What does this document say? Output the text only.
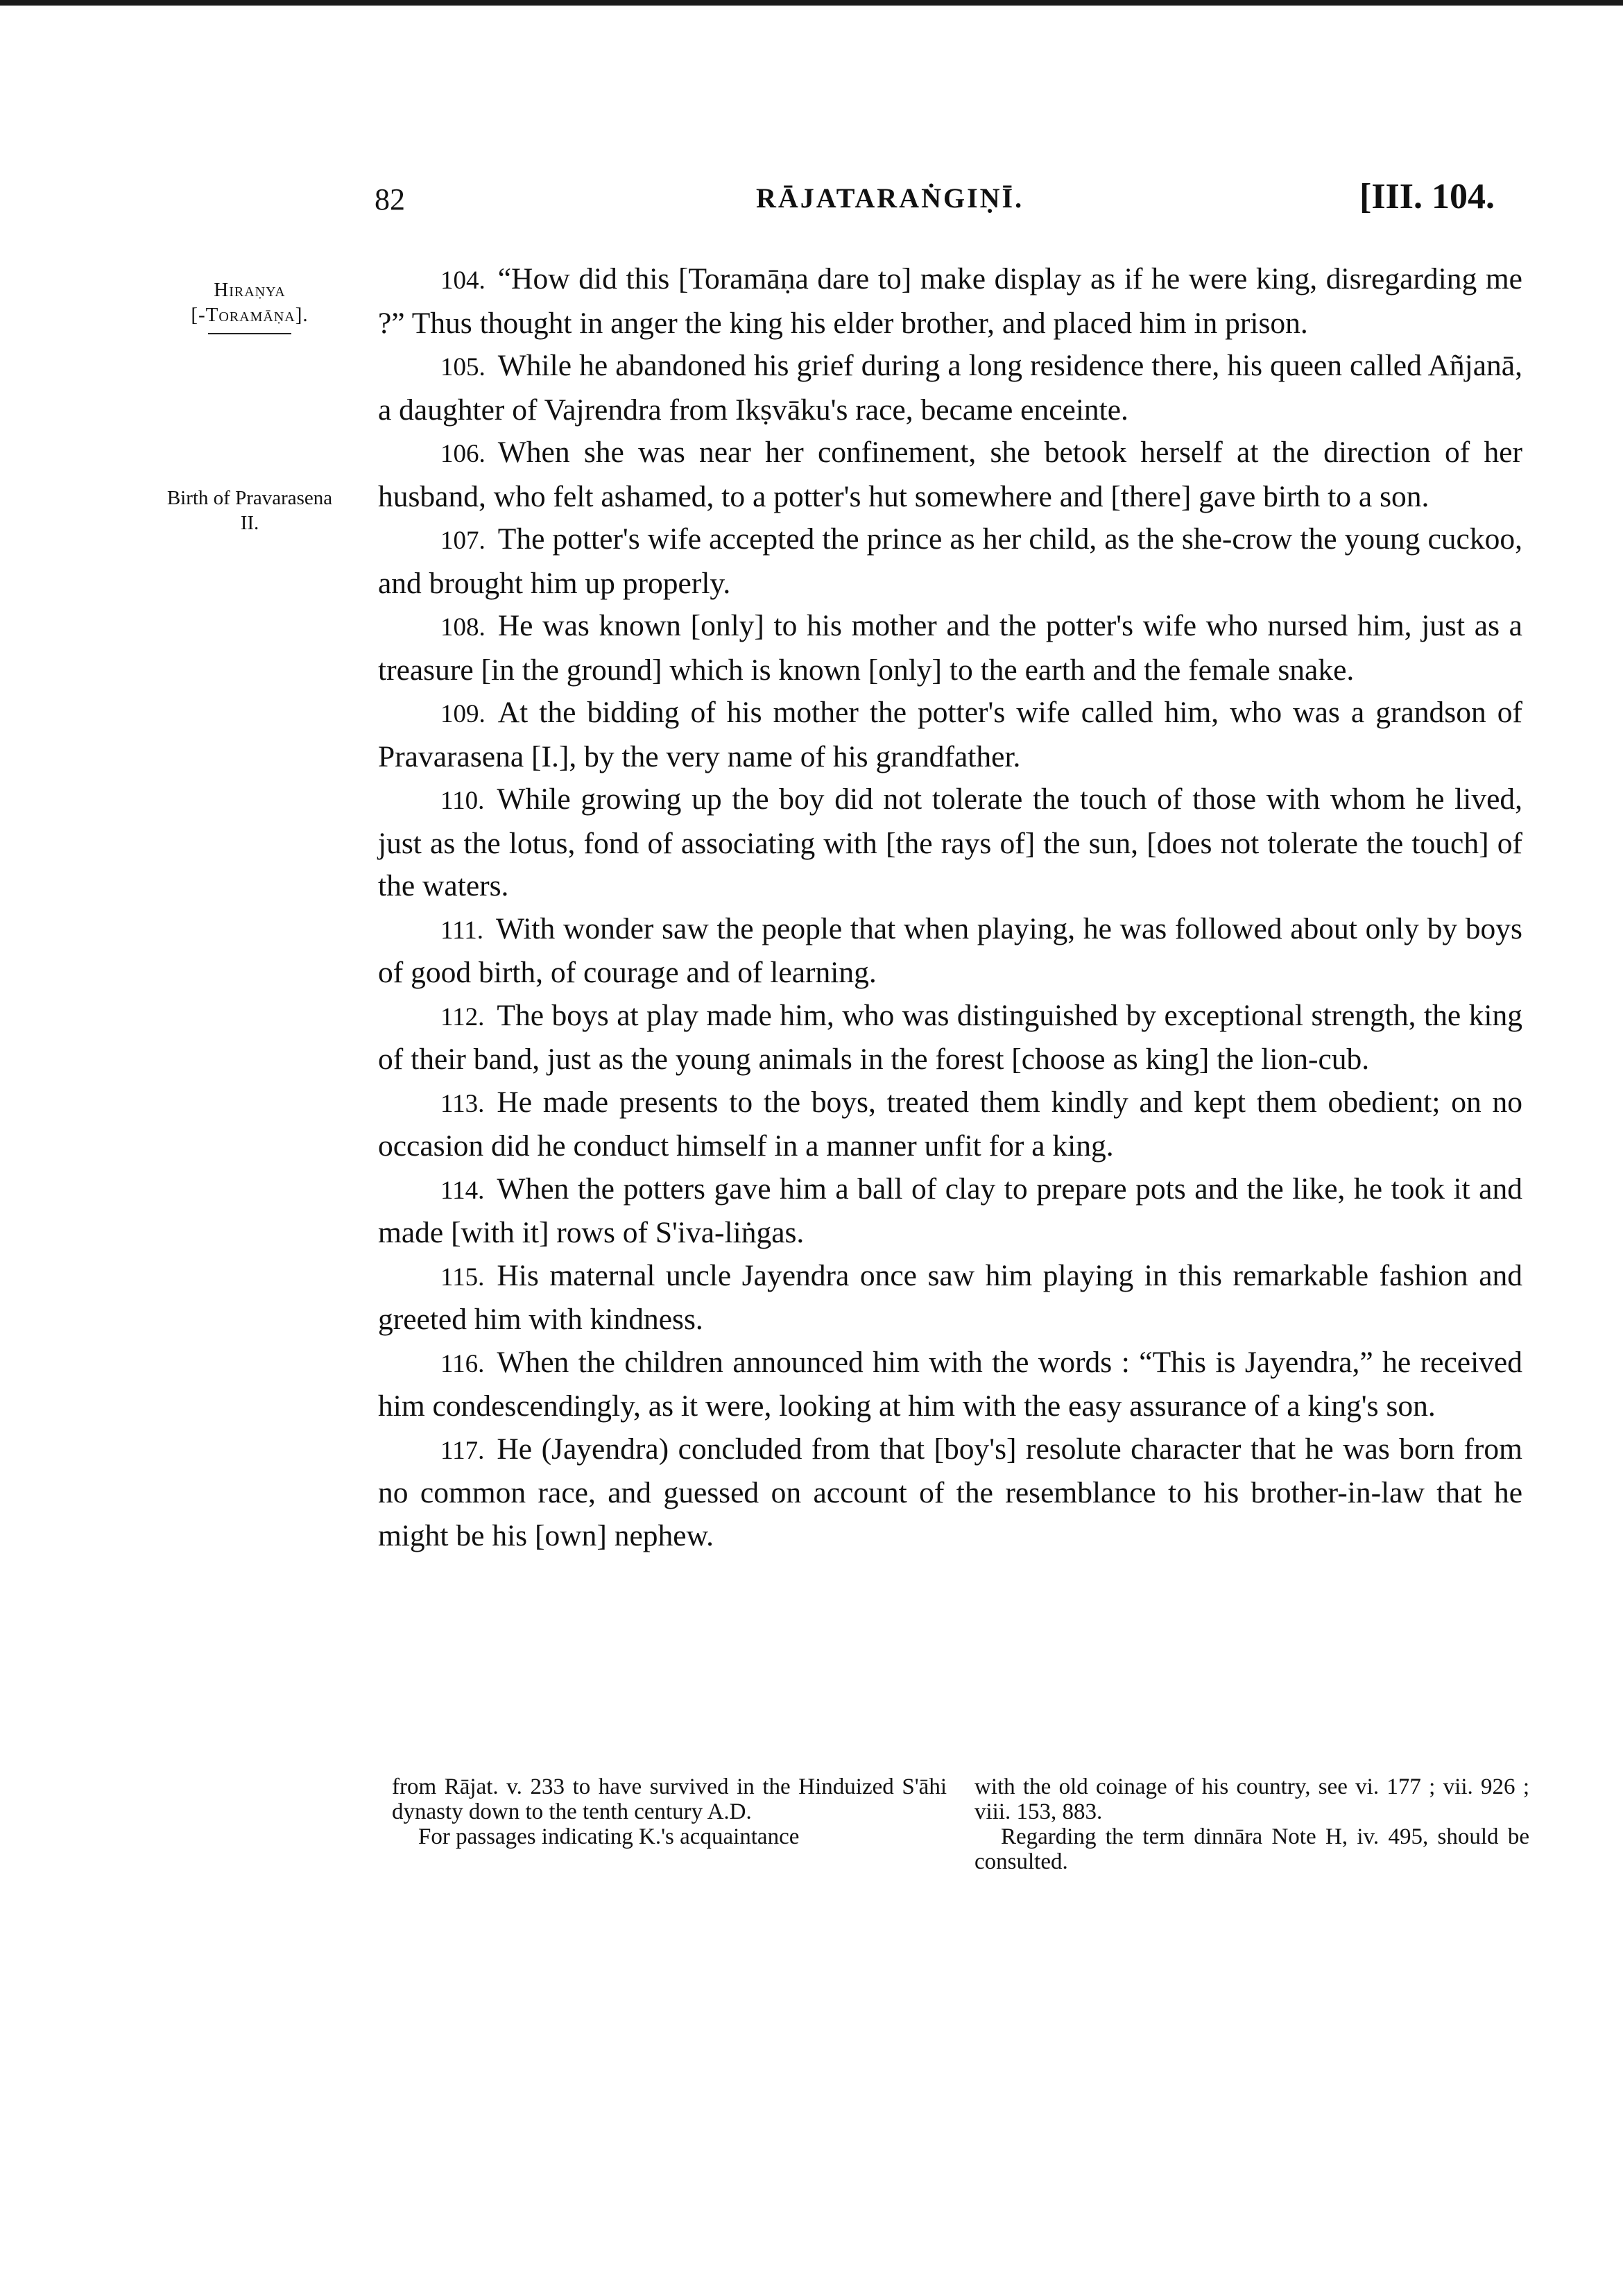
82	RĀJATARAṄGIṆĪ.	[III. 104.
Hiraṇya
[-Toramāṇa].
Birth of Pravarasena
II.

104. “How did this [Toramāṇa dare to] make display as if he were king, disregarding me ?” Thus thought in anger the king his elder brother, and placed him in prison.

105. While he abandoned his grief during a long residence there, his queen called Añjanā, a daughter of Vajrendra from Ikṣvāku's race, became enceinte.

106. When she was near her confinement, she betook herself at the direction of her husband, who felt ashamed, to a potter's hut somewhere and [there] gave birth to a son.

107. The potter's wife accepted the prince as her child, as the she-crow the young cuckoo, and brought him up properly.

108. He was known [only] to his mother and the potter's wife who nursed him, just as a treasure [in the ground] which is known [only] to the earth and the female snake.

109. At the bidding of his mother the potter's wife called him, who was a grandson of Pravarasena [I.], by the very name of his grandfather.

110. While growing up the boy did not tolerate the touch of those with whom he lived, just as the lotus, fond of associating with [the rays of] the sun, [does not tolerate the touch] of the waters.

111. With wonder saw the people that when playing, he was followed about only by boys of good birth, of courage and of learning.

112. The boys at play made him, who was distinguished by exceptional strength, the king of their band, just as the young animals in the forest [choose as king] the lion-cub.

113. He made presents to the boys, treated them kindly and kept them obedient; on no occasion did he conduct himself in a manner unfit for a king.

114. When the potters gave him a ball of clay to prepare pots and the like, he took it and made [with it] rows of S'iva-liṅgas.

115. His maternal uncle Jayendra once saw him playing in this remarkable fashion and greeted him with kindness.

116. When the children announced him with the words : “This is Jayendra,” he received him condescendingly, as it were, looking at him with the easy assurance of a king's son.

117. He (Jayendra) concluded from that [boy's] resolute character that he was born from no common race, and guessed on account of the resemblance to his brother-in-law that he might be his [own] nephew.

from Rājat. v. 233 to have survived in the Hinduized S'āhi dynasty down to the tenth century A.D.

For passages indicating K.'s acquaintance

with the old coinage of his country, see vi. 177 ; vii. 926 ; viii. 153, 883.

Regarding the term dinnāra Note H, iv. 495, should be consulted.
